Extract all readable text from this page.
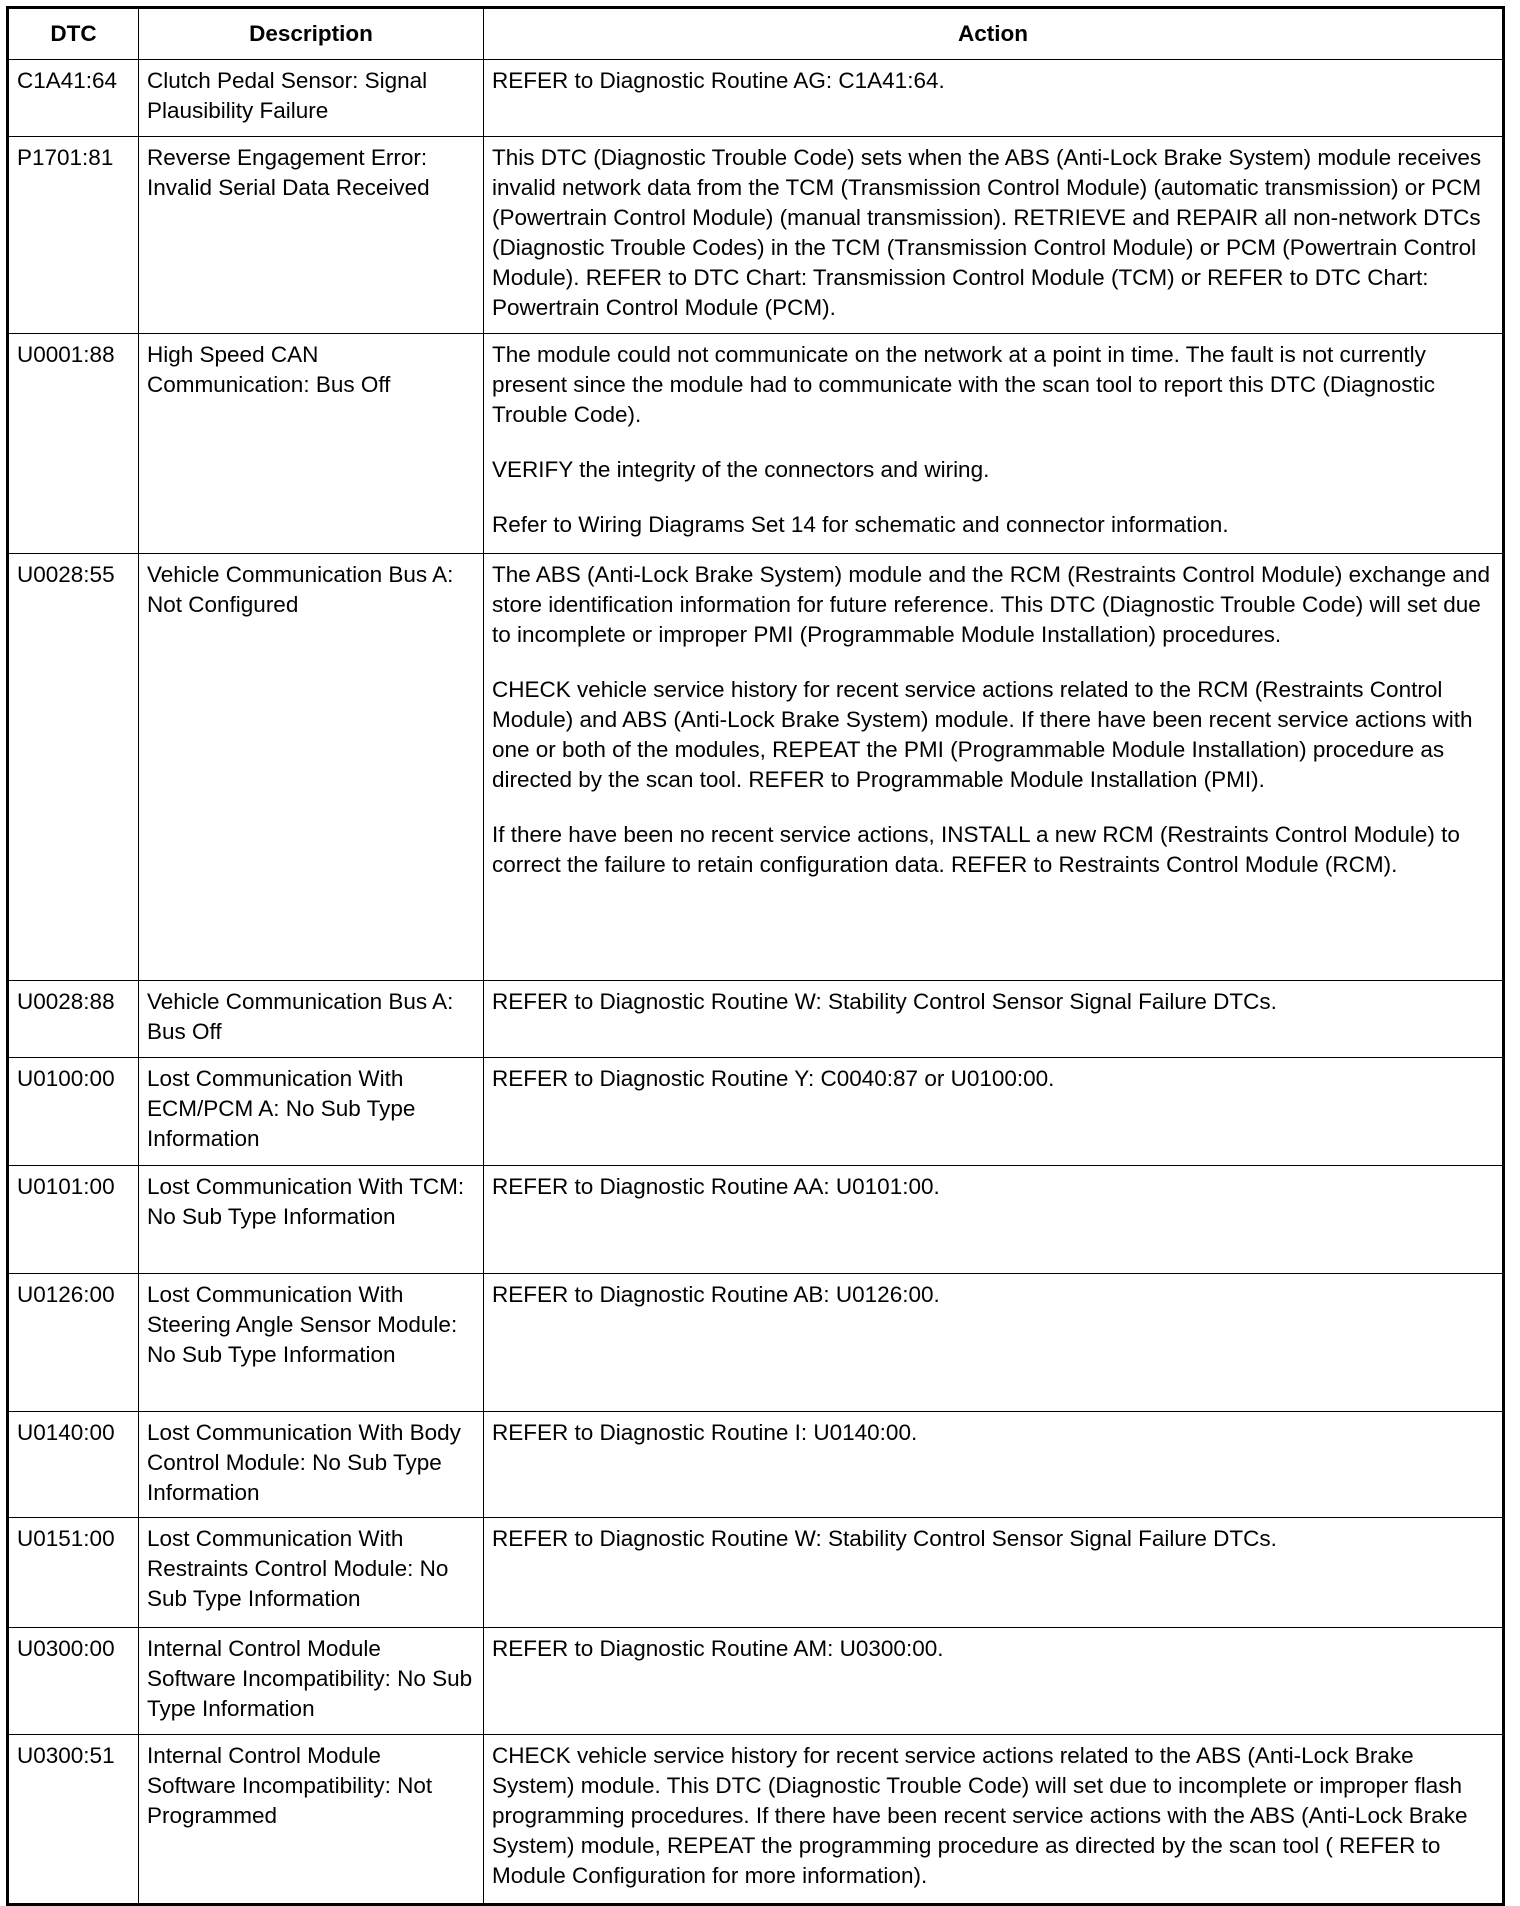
DTC	Description	Action
C1A41:64	Clutch Pedal Sensor: Signal Plausibility Failure	REFER to Diagnostic Routine AG: C1A41:64.

P1701:81	Reverse Engagement Error: Invalid Serial Data Received	This DTC (Diagnostic Trouble Code) sets when the ABS (Anti-Lock Brake System) module receives invalid network data from the TCM (Transmission Control Module) (automatic transmission) or PCM (Powertrain Control Module) (manual transmission). RETRIEVE and REPAIR all non-network DTCs (Diagnostic Trouble Codes) in the TCM (Transmission Control Module) or PCM (Powertrain Control Module). REFER to DTC Chart: Transmission Control Module (TCM) or REFER to DTC Chart: Powertrain Control Module (PCM).

U0001:88	High Speed CAN Communication: Bus Off	The module could not communicate on the network at a point in time. The fault is not currently present since the module had to communicate with the scan tool to report this DTC (Diagnostic Trouble Code).

VERIFY the integrity of the connectors and wiring.

Refer to Wiring Diagrams Set 14 for schematic and connector information.

U0028:55	Vehicle Communication Bus A: Not Configured	The ABS (Anti-Lock Brake System) module and the RCM (Restraints Control Module) exchange and store identification information for future reference. This DTC (Diagnostic Trouble Code) will set due to incomplete or improper PMI (Programmable Module Installation) procedures.

CHECK vehicle service history for recent service actions related to the RCM (Restraints Control Module) and ABS (Anti-Lock Brake System) module. If there have been recent service actions with one or both of the modules, REPEAT the PMI (Programmable Module Installation) procedure as directed by the scan tool. REFER to Programmable Module Installation (PMI).

If there have been no recent service actions, INSTALL a new RCM (Restraints Control Module) to correct the failure to retain configuration data. REFER to Restraints Control Module (RCM).

U0028:88	Vehicle Communication Bus A: Bus Off	REFER to Diagnostic Routine W: Stability Control Sensor Signal Failure DTCs.

U0100:00	Lost Communication With ECM/PCM A: No Sub Type Information	REFER to Diagnostic Routine Y: C0040:87 or U0100:00.

U0101:00	Lost Communication With TCM: No Sub Type Information	REFER to Diagnostic Routine AA: U0101:00.

U0126:00	Lost Communication With Steering Angle Sensor Module: No Sub Type Information	REFER to Diagnostic Routine AB: U0126:00.

U0140:00	Lost Communication With Body Control Module: No Sub Type Information	REFER to Diagnostic Routine I: U0140:00.

U0151:00	Lost Communication With Restraints Control Module: No Sub Type Information	REFER to Diagnostic Routine W: Stability Control Sensor Signal Failure DTCs.

U0300:00	Internal Control Module Software Incompatibility: No Sub Type Information	REFER to Diagnostic Routine AM: U0300:00.

U0300:51	Internal Control Module Software Incompatibility: Not Programmed	CHECK vehicle service history for recent service actions related to the ABS (Anti-Lock Brake System) module. This DTC (Diagnostic Trouble Code) will set due to incomplete or improper flash programming procedures. If there have been recent service actions with the ABS (Anti-Lock Brake System) module, REPEAT the programming procedure as directed by the scan tool ( REFER to Module Configuration for more information).
